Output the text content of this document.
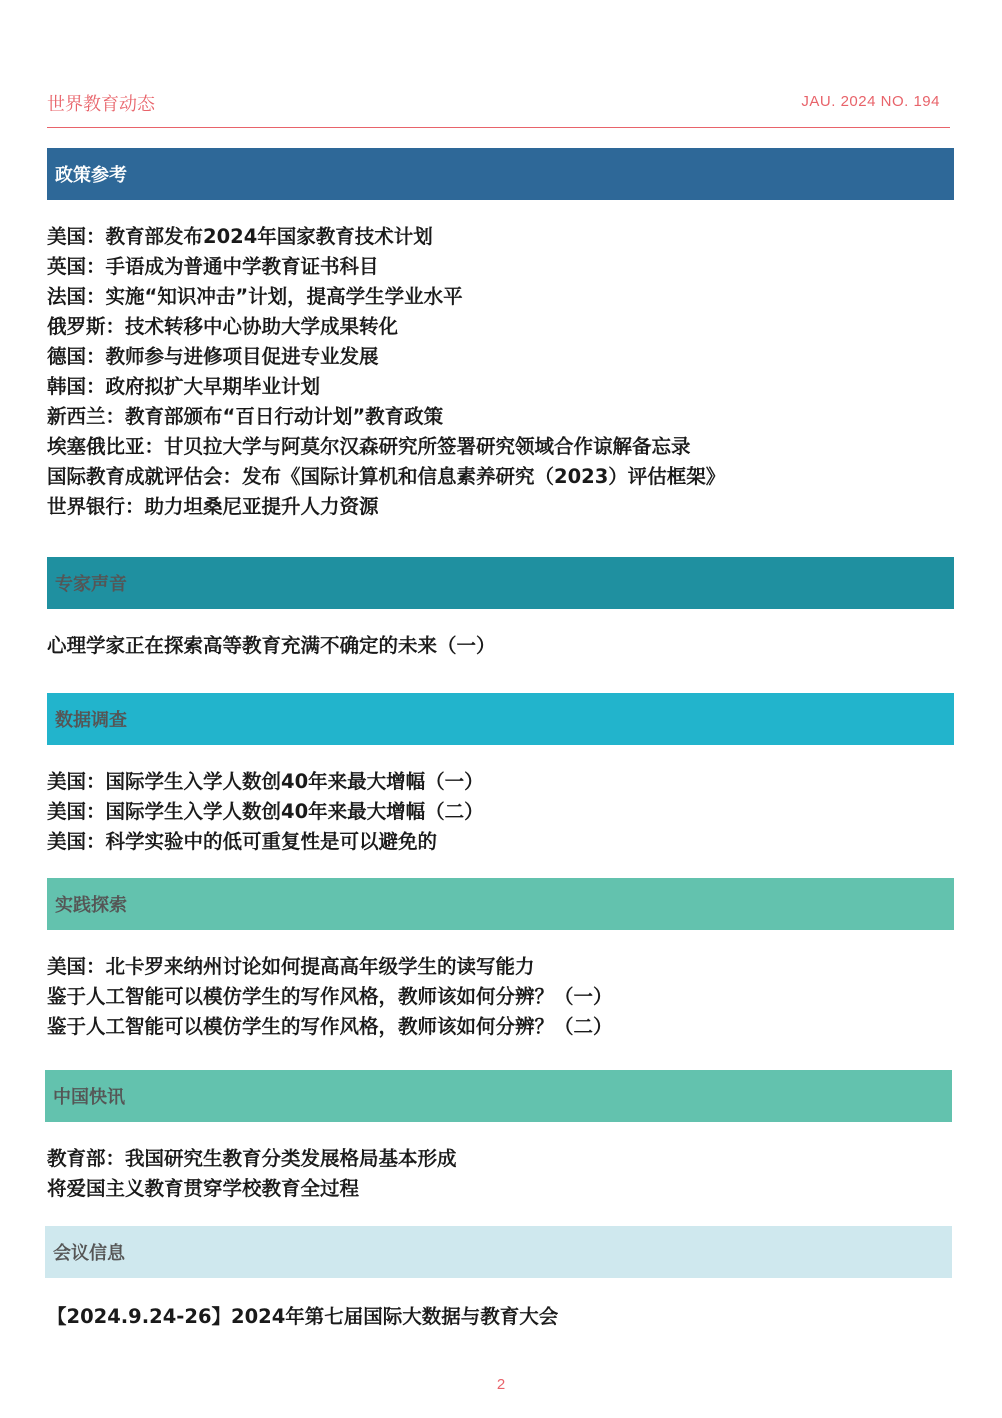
世界教育动态	JAU. 2024 NO. 194
政策参考
美国：教育部发布2024年国家教育技术计划
英国：手语成为普通中学教育证书科目
法国：实施“知识冲击”计划，提高学生学业水平
俄罗斯：技术转移中心协助大学成果转化
德国：教师参与进修项目促进专业发展
韩国：政府拟扩大早期毕业计划
新西兰：教育部颁布“百日行动计划”教育政策
埃塞俄比亚：甘贝拉大学与阿莫尔汉森研究所签署研究领域合作谅解备忘录
国际教育成就评估会：发布《国际计算机和信息素养研究（2023）评估框架》
世界银行：助力坦桑尼亚提升人力资源
专家声音
心理学家正在探索高等教育充满不确定的未来（一）
数据调查
美国：国际学生入学人数创40年来最大增幅（一）
美国：国际学生入学人数创40年来最大增幅（二）
美国：科学实验中的低可重复性是可以避免的
实践探索
美国：北卡罗来纳州讨论如何提高高年级学生的读写能力
鉴于人工智能可以模仿学生的写作风格，教师该如何分辨？（一）
鉴于人工智能可以模仿学生的写作风格，教师该如何分辨？（二）
中国快讯
教育部：我国研究生教育分类发展格局基本形成
将爱国主义教育贯穿学校教育全过程
会议信息
【2024.9.24-26】2024年第七届国际大数据与教育大会
2
